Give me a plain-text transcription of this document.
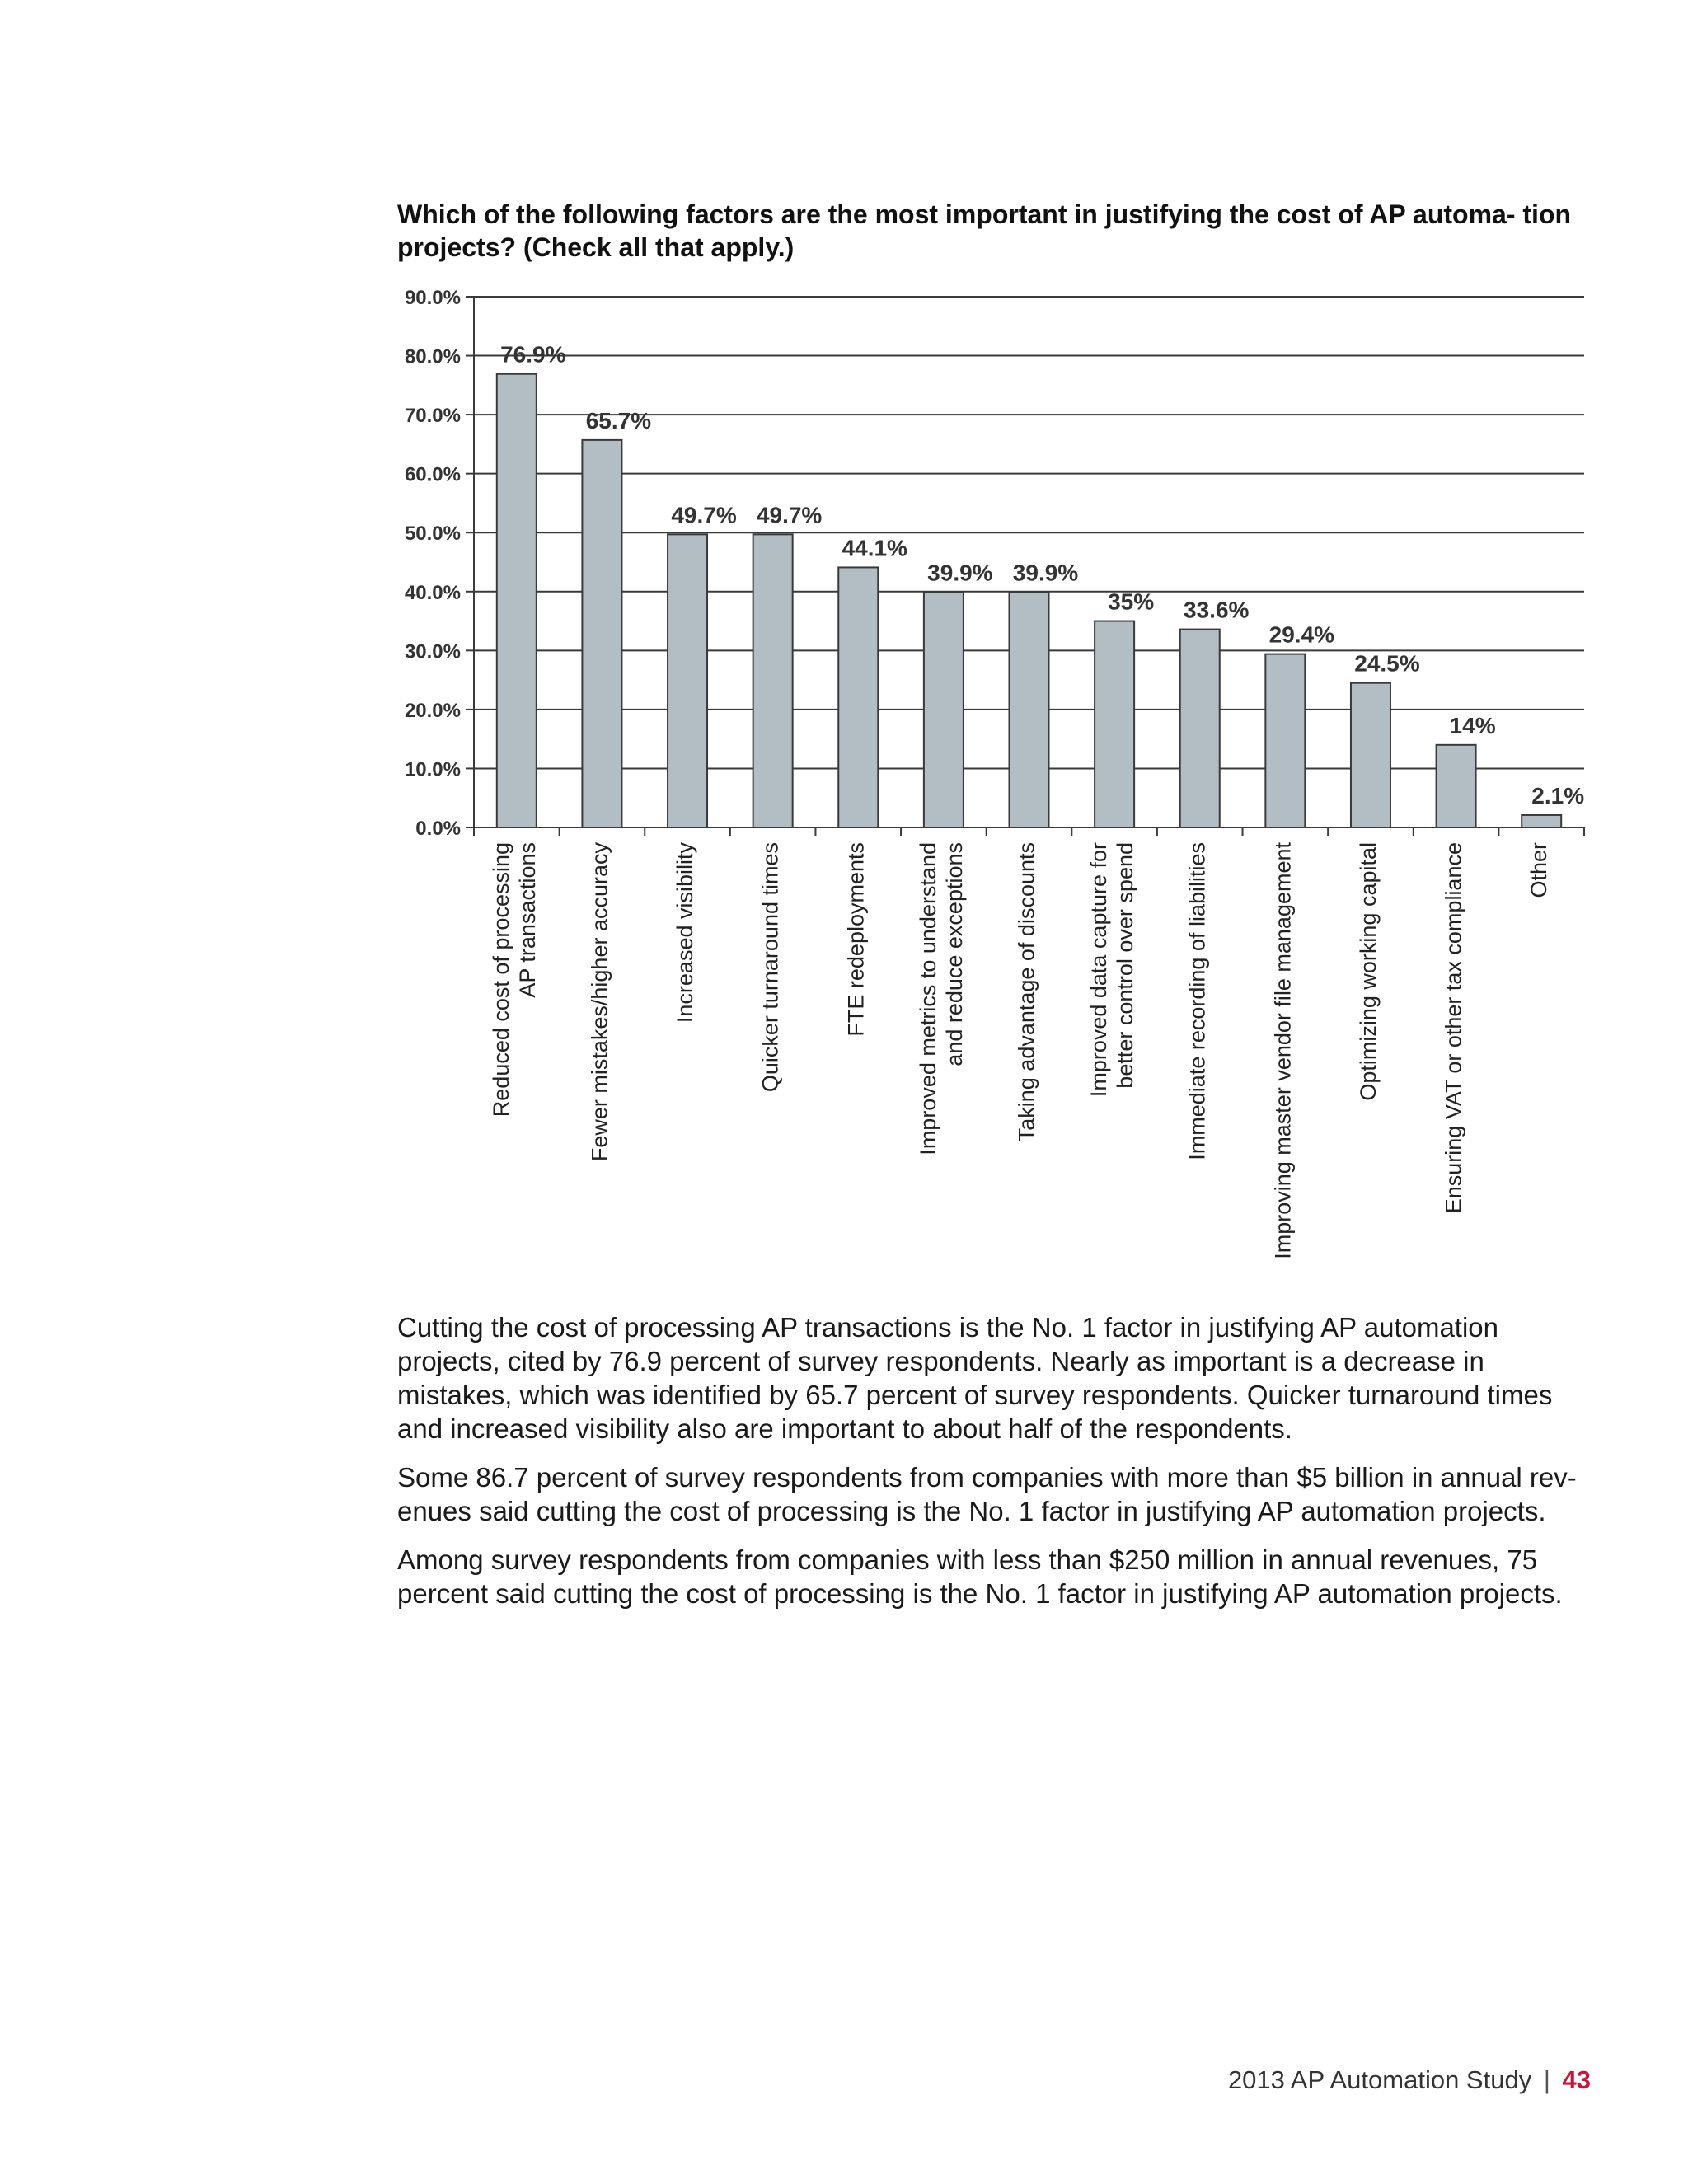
Which of the following factors are the most important in justifying the cost of AP automa- tion projects? (Check all that apply.)
0.0%
10.0%
20.0%
30.0%
40.0%
50.0%
60.0%
70.0%
80.0%
90.0%
76.9%
Reduced cost of processingAP transactions
65.7%
Fewer mistakes/higher accuracy
49.7%
Increased visibility
49.7%
Quicker turnaround times
44.1%
FTE redeployments
39.9%
Improved metrics to understandand reduce exceptions
39.9%
Taking advantage of discounts
35%
Improved data capture forbetter control over spend
33.6%
Immediate recording of liabilities
29.4%
Improving master vendor file management
24.5%
Optimizing working capital
14%
Ensuring VAT or other tax compliance
2.1%
Other

Cutting the cost of processing AP transactions is the No. 1 factor in justifying AP automation projects, cited by 76.9 percent of survey respondents. Nearly as important is a decrease in mistakes, which was identified by 65.7 percent of survey respondents. Quicker turnaround times and increased visibility also are important to about half of the respondents.

Some 86.7 percent of survey respondents from companies with more than $5 billion in annual rev- enues said cutting the cost of processing is the No. 1 factor in justifying AP automation projects.

Among survey respondents from companies with less than $250 million in annual revenues, 75 percent said cutting the cost of processing is the No. 1 factor in justifying AP automation projects.

2013 AP Automation Study | 43
